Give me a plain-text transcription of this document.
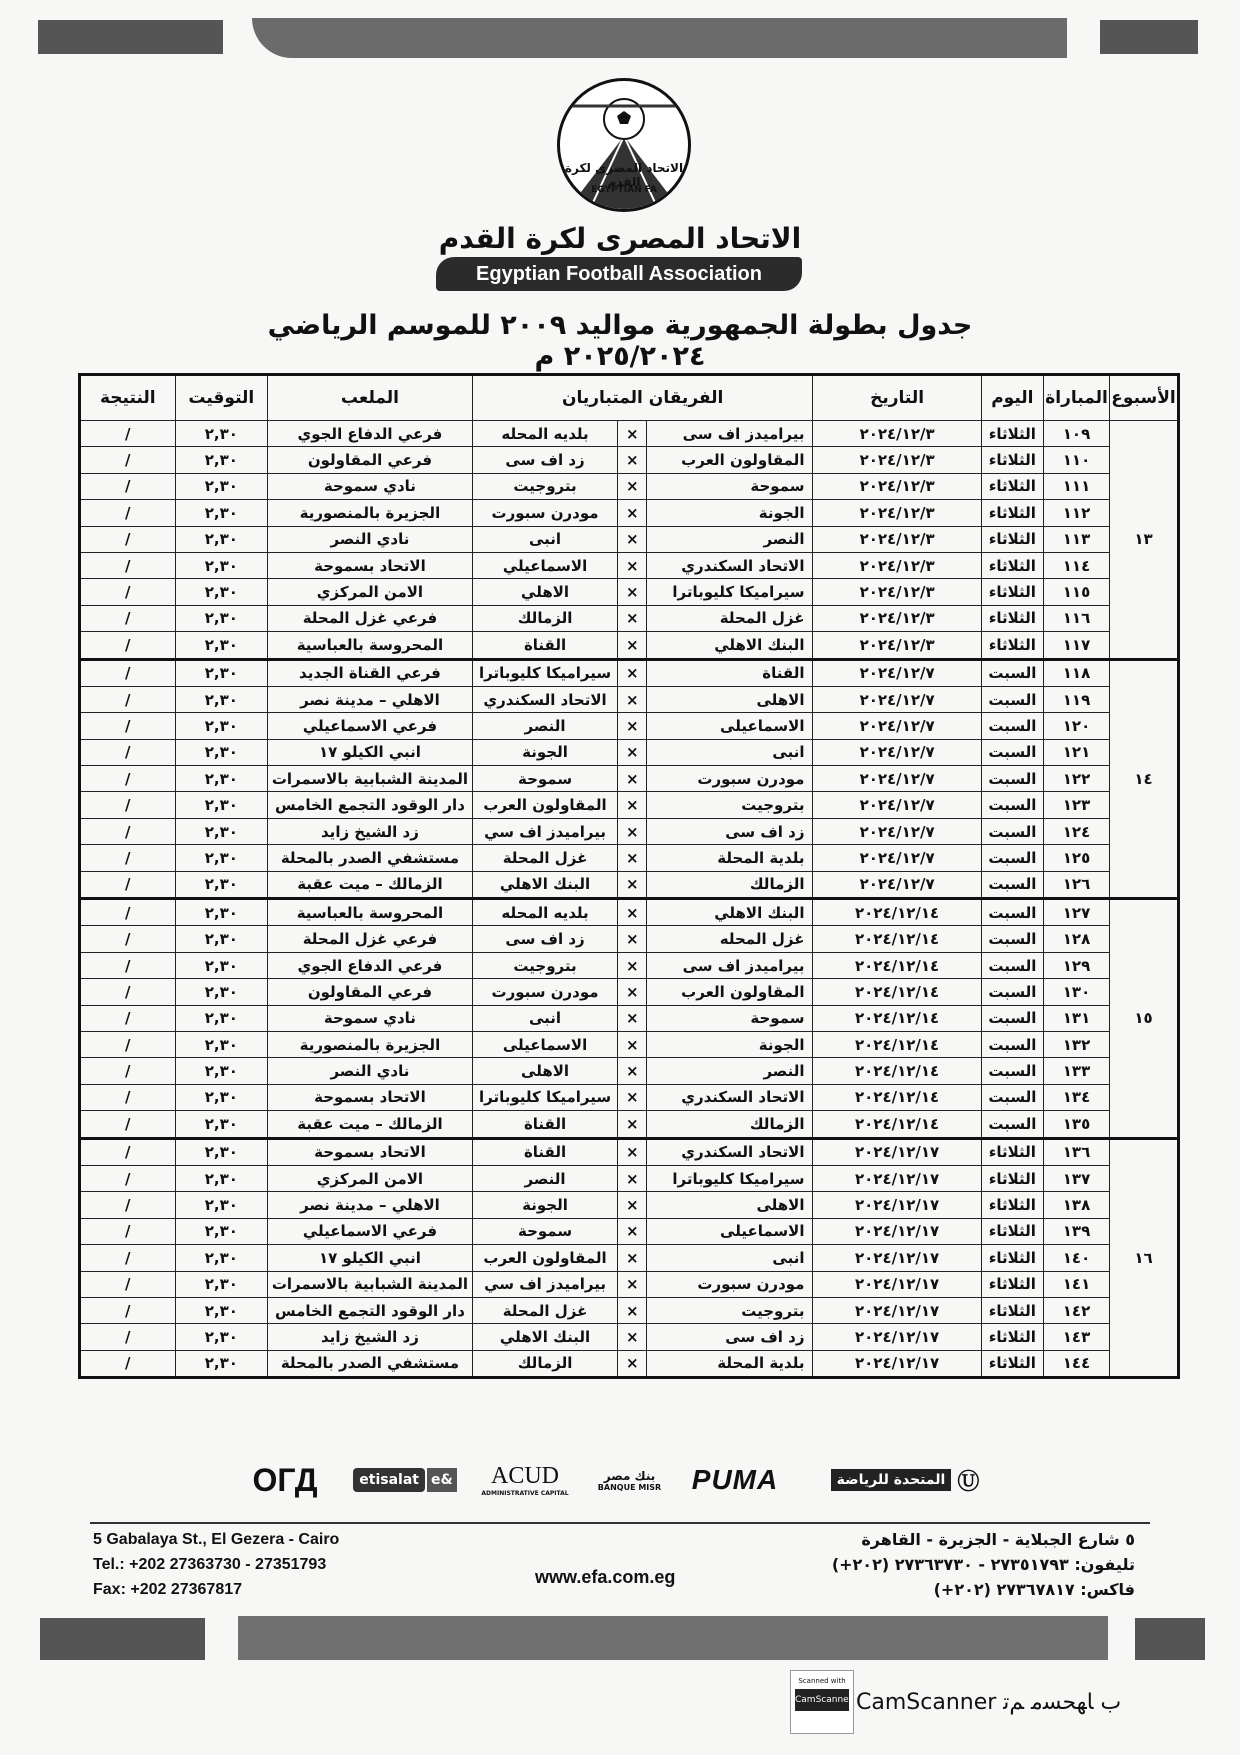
الاتحاد المصرى لكرة القدم
EGYPTIAN FA
الاتحاد المصرى لكرة القدم
Egyptian Football Association
جدول بطولة الجمهورية مواليد ٢٠٠٩ للموسم الرياضي ٢٠٢٥/٢٠٢٤ م
الأسبوع	المباراة	اليوم	التاريخ	الفريقان المتباريان			الملعب	التوقيت	النتيجة
١٣	١٠٩	الثلاثاء	٢٠٢٤/١٢/٣	بيراميدز اف سى	×	بلديه المحله	فرعي الدفاع الجوي	٢,٣٠	/
	١١٠	الثلاثاء	٢٠٢٤/١٢/٣	المقاولون العرب	×	زد اف سى	فرعي المقاولون	٢,٣٠	/
	١١١	الثلاثاء	٢٠٢٤/١٢/٣	سموحة	×	بتروجيت	نادي سموحة	٢,٣٠	/
	١١٢	الثلاثاء	٢٠٢٤/١٢/٣	الجونة	×	مودرن سبورت	الجزيرة بالمنصورية	٢,٣٠	/
	١١٣	الثلاثاء	٢٠٢٤/١٢/٣	النصر	×	انبى	نادي النصر	٢,٣٠	/
	١١٤	الثلاثاء	٢٠٢٤/١٢/٣	الاتحاد السكندري	×	الاسماعيلي	الاتحاد بسموحة	٢,٣٠	/
	١١٥	الثلاثاء	٢٠٢٤/١٢/٣	سيراميكا كليوباترا	×	الاهلي	الامن المركزي	٢,٣٠	/
	١١٦	الثلاثاء	٢٠٢٤/١٢/٣	غزل المحلة	×	الزمالك	فرعي غزل المحلة	٢,٣٠	/
	١١٧	الثلاثاء	٢٠٢٤/١٢/٣	البنك الاهلي	×	القناة	المحروسة بالعباسية	٢,٣٠	/
١٤	١١٨	السبت	٢٠٢٤/١٢/٧	القناة	×	سيراميكا كليوباترا	فرعي القناة الجديد	٢,٣٠	/
	١١٩	السبت	٢٠٢٤/١٢/٧	الاهلى	×	الاتحاد السكندري	الاهلي – مدينة نصر	٢,٣٠	/
	١٢٠	السبت	٢٠٢٤/١٢/٧	الاسماعيلى	×	النصر	فرعي الاسماعيلي	٢,٣٠	/
	١٢١	السبت	٢٠٢٤/١٢/٧	انبى	×	الجونة	انبي الكيلو ١٧	٢,٣٠	/
	١٢٢	السبت	٢٠٢٤/١٢/٧	مودرن سبورت	×	سموحة	المدينة الشبابية بالاسمرات	٢,٣٠	/
	١٢٣	السبت	٢٠٢٤/١٢/٧	بتروجيت	×	المقاولون العرب	دار الوقود التجمع الخامس	٢,٣٠	/
	١٢٤	السبت	٢٠٢٤/١٢/٧	زد اف سى	×	بيراميدز اف سي	زد الشيخ زايد	٢,٣٠	/
	١٢٥	السبت	٢٠٢٤/١٢/٧	بلدية المحلة	×	غزل المحلة	مستشفي الصدر بالمحلة	٢,٣٠	/
	١٢٦	السبت	٢٠٢٤/١٢/٧	الزمالك	×	البنك الاهلي	الزمالك – ميت عقبة	٢,٣٠	/
١٥	١٢٧	السبت	٢٠٢٤/١٢/١٤	البنك الاهلي	×	بلديه المحله	المحروسة بالعباسية	٢,٣٠	/
	١٢٨	السبت	٢٠٢٤/١٢/١٤	غزل المحله	×	زد اف سى	فرعي غزل المحلة	٢,٣٠	/
	١٢٩	السبت	٢٠٢٤/١٢/١٤	بيراميدز اف سى	×	بتروجيت	فرعي الدفاع الجوي	٢,٣٠	/
	١٣٠	السبت	٢٠٢٤/١٢/١٤	المقاولون العرب	×	مودرن سبورت	فرعي المقاولون	٢,٣٠	/
	١٣١	السبت	٢٠٢٤/١٢/١٤	سموحة	×	انبى	نادي سموحة	٢,٣٠	/
	١٣٢	السبت	٢٠٢٤/١٢/١٤	الجونة	×	الاسماعيلى	الجزيرة بالمنصورية	٢,٣٠	/
	١٣٣	السبت	٢٠٢٤/١٢/١٤	النصر	×	الاهلى	نادي النصر	٢,٣٠	/
	١٣٤	السبت	٢٠٢٤/١٢/١٤	الاتحاد السكندري	×	سيراميكا كليوباترا	الاتحاد بسموحة	٢,٣٠	/
	١٣٥	السبت	٢٠٢٤/١٢/١٤	الزمالك	×	القناة	الزمالك – ميت عقبة	٢,٣٠	/
١٦	١٣٦	الثلاثاء	٢٠٢٤/١٢/١٧	الاتحاد السكندري	×	القناة	الاتحاد بسموحة	٢,٣٠	/
	١٣٧	الثلاثاء	٢٠٢٤/١٢/١٧	سيراميكا كليوباترا	×	النصر	الامن المركزي	٢,٣٠	/
	١٣٨	الثلاثاء	٢٠٢٤/١٢/١٧	الاهلى	×	الجونة	الاهلي – مدينة نصر	٢,٣٠	/
	١٣٩	الثلاثاء	٢٠٢٤/١٢/١٧	الاسماعيلى	×	سموحة	فرعي الاسماعيلي	٢,٣٠	/
	١٤٠	الثلاثاء	٢٠٢٤/١٢/١٧	انبى	×	المقاولون العرب	انبي الكيلو ١٧	٢,٣٠	/
	١٤١	الثلاثاء	٢٠٢٤/١٢/١٧	مودرن سبورت	×	بيراميدز اف سي	المدينة الشبابية بالاسمرات	٢,٣٠	/
	١٤٢	الثلاثاء	٢٠٢٤/١٢/١٧	بتروجيت	×	غزل المحلة	دار الوقود التجمع الخامس	٢,٣٠	/
	١٤٣	الثلاثاء	٢٠٢٤/١٢/١٧	زد اف سى	×	البنك الاهلي	زد الشيخ زايد	٢,٣٠	/
	١٤٤	الثلاثاء	٢٠٢٤/١٢/١٧	بلدية المحلة	×	الزمالك	مستشفي الصدر بالمحلة	٢,٣٠	/
المتحدة للرياضة Ⓤ
PUMA
بنك مصر
BANQUE MISR
ACUD
ADMINISTRATIVE CAPITAL
etisalat e&
OГД
5 Gabalaya St., El Gezera - Cairo
Tel.: +202 27363730 - 27351793
Fax: +202 27367817
www.efa.com.eg
٥ شارع الجبلاية - الجزيرة - القاهرة
تليفون: ٢٧٣٥١٧٩٣ - ٢٧٣٦٣٧٣٠ (٢٠٢+)
فاكس: ٢٧٣٦٧٨١٧ (٢٠٢+)
Scanned with
CamScanner CamScanner ﺏ ﺎﻬﺤﺴﻣ ﻢﺗ
